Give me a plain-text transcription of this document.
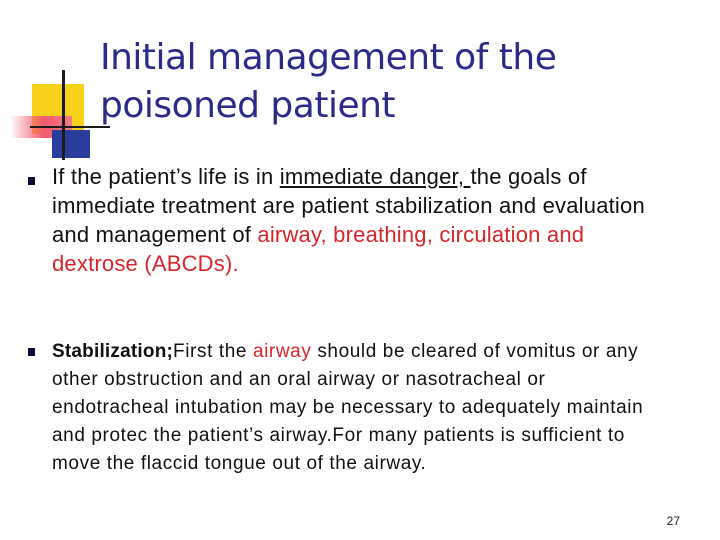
Initial management of the
poisoned patient
If the patient’s life is in immediate danger, the goals of immediate treatment are patient stabilization and evaluation and management of airway, breathing, circulation and dextrose (ABCDs).
Stabilization;First the airway should be cleared of vomitus or any other obstruction and an oral airway or nasotracheal or endotracheal intubation may be necessary to adequately maintain and protec the patient’s airway.For many patients is sufficient to move the flaccid tongue out of the airway.
27
